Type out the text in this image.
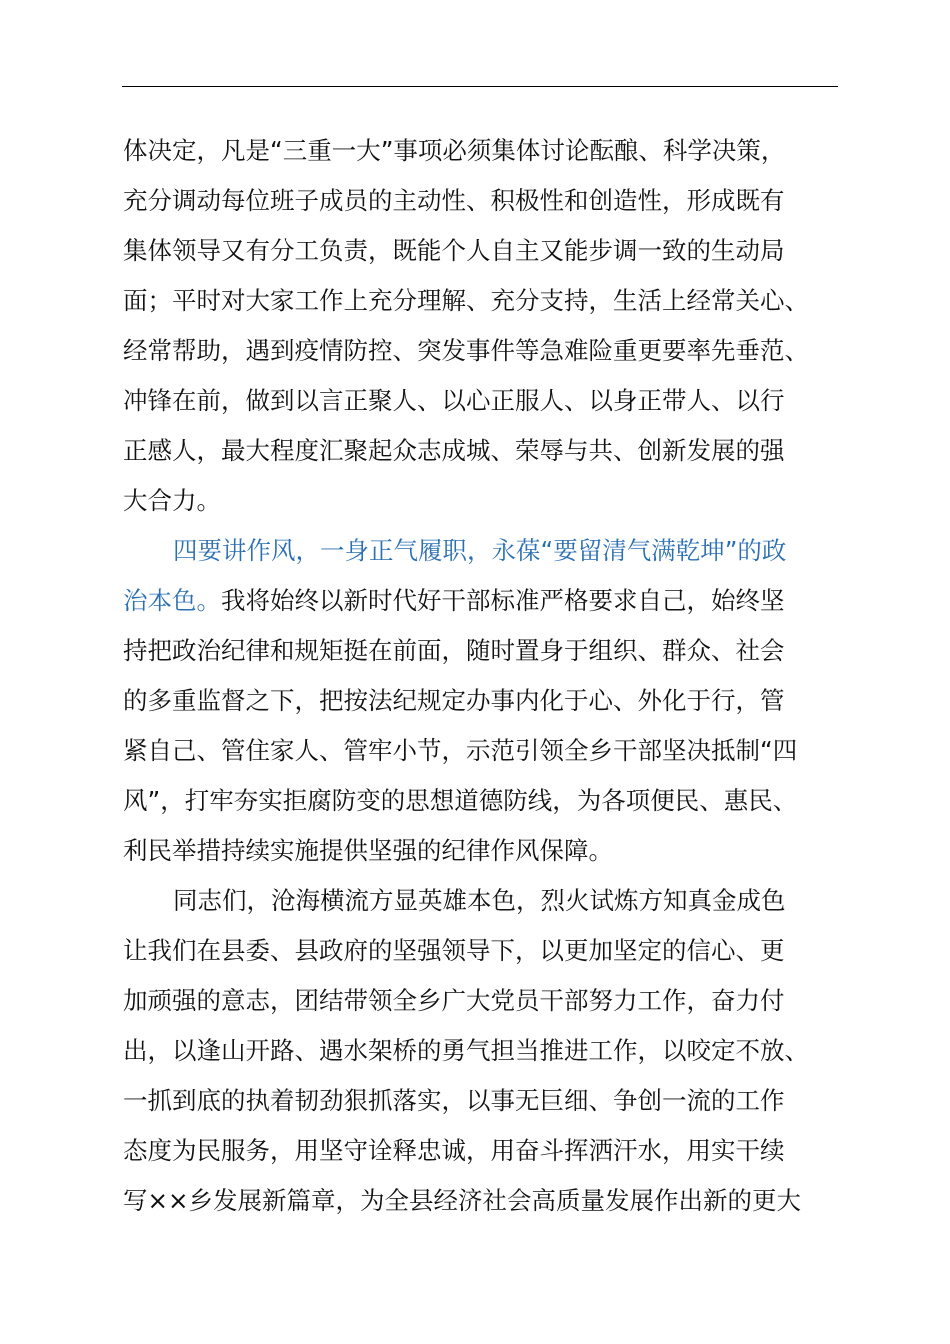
体决定，凡是“三重一大”事项必须集体讨论酝酿、科学决策，
充分调动每位班子成员的主动性、积极性和创造性，形成既有
集体领导又有分工负责，既能个人自主又能步调一致的生动局
面；平时对大家工作上充分理解、充分支持，生活上经常关心、
经常帮助，遇到疫情防控、突发事件等急难险重更要率先垂范、
冲锋在前，做到以言正聚人、以心正服人、以身正带人、以行
正感人，最大程度汇聚起众志成城、荣辱与共、创新发展的强
大合力。
四要讲作风，一身正气履职，永葆“要留清气满乾坤”的政
治本色。我将始终以新时代好干部标准严格要求自己，始终坚
持把政治纪律和规矩挺在前面，随时置身于组织、群众、社会
的多重监督之下，把按法纪规定办事内化于心、外化于行，管
紧自己、管住家人、管牢小节，示范引领全乡干部坚决抵制“四
风”，打牢夯实拒腐防变的思想道德防线，为各项便民、惠民、
利民举措持续实施提供坚强的纪律作风保障。
同志们，沧海横流方显英雄本色，烈火试炼方知真金成色
让我们在县委、县政府的坚强领导下，以更加坚定的信心、更
加顽强的意志，团结带领全乡广大党员干部努力工作，奋力付
出，以逢山开路、遇水架桥的勇气担当推进工作，以咬定不放、
一抓到底的执着韧劲狠抓落实，以事无巨细、争创一流的工作
态度为民服务，用坚守诠释忠诚，用奋斗挥洒汗水，用实干续
写××乡发展新篇章，为全县经济社会高质量发展作出新的更大
